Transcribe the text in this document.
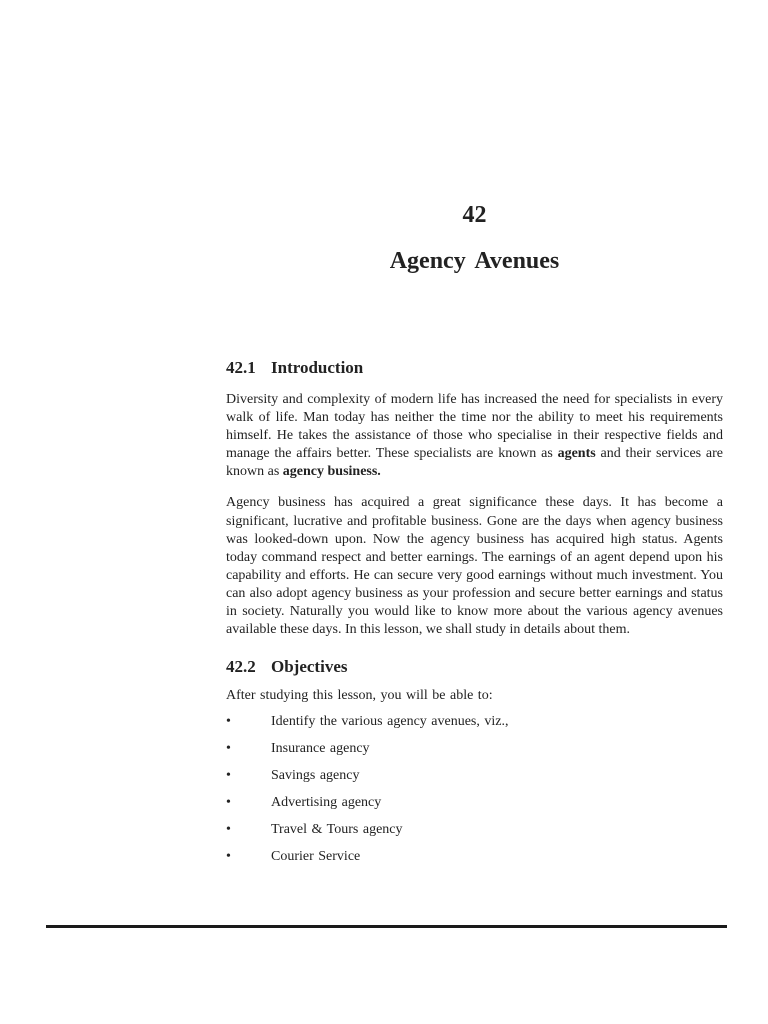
42
Agency Avenues
42.1 Introduction

Diversity and complexity of modern life has increased the need for specialists in every walk of life. Man today has neither the time nor the ability to meet his requirements himself. He takes the assistance of those who specialise in their respective fields and manage the affairs better. These specialists are known as agents and their services are known as agency business.

Agency business has acquired a great significance these days. It has become a significant, lucrative and profitable business. Gone are the days when agency business was looked-down upon. Now the agency business has acquired high status. Agents today command respect and better earnings. The earnings of an agent depend upon his capability and efforts. He can secure very good earnings without much investment. You can also adopt agency business as your profession and secure better earnings and status in society. Naturally you would like to know more about the various agency avenues available these days. In this lesson, we shall study in details about them.

42.2 Objectives

After studying this lesson, you will be able to:

•	Identify the various agency avenues, viz.,
•	Insurance agency
•	Savings agency
•	Advertising agency
•	Travel & Tours agency
•	Courier Service
